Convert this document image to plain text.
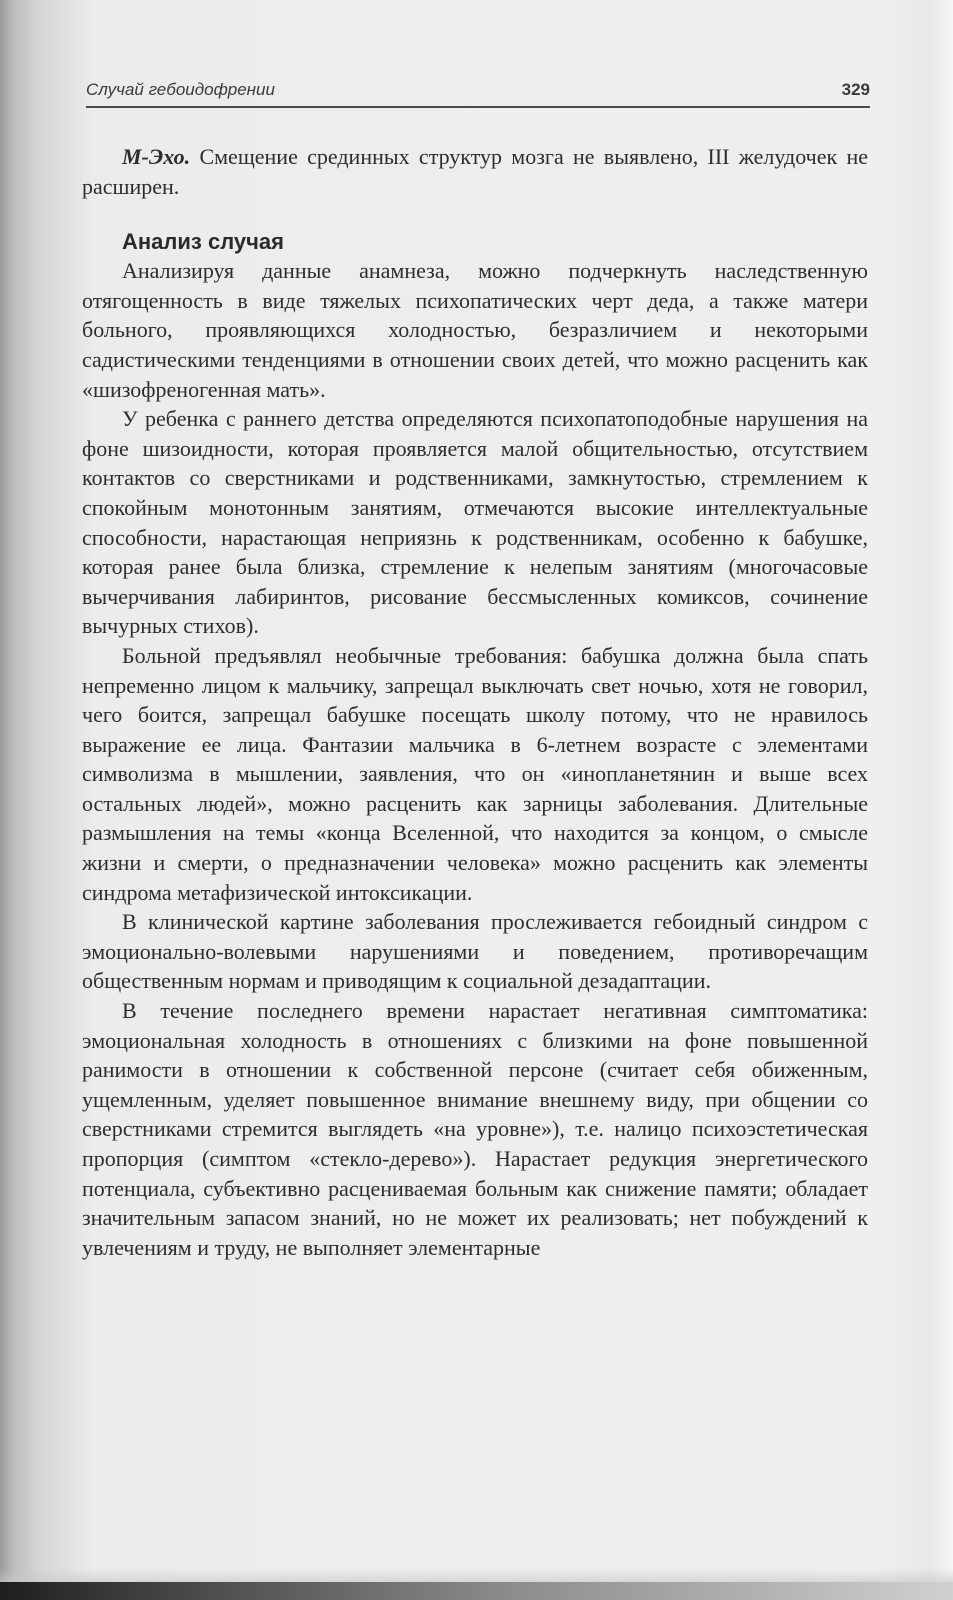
Случай гебоидофрении	329

М-Эхо. Смещение срединных структур мозга не выявлено, III желудочек не расширен.

Анализ случая

Анализируя данные анамнеза, можно подчеркнуть наследственную отягощенность в виде тяжелых психопатических черт деда, а также матери больного, проявляющихся холодностью, безразличием и некоторыми садистическими тенденциями в отношении своих детей, что можно расценить как «шизофреногенная мать».

У ребенка с раннего детства определяются психопатоподобные нарушения на фоне шизоидности, которая проявляется малой общительностью, отсутствием контактов со сверстниками и родственниками, замкнутостью, стремлением к спокойным монотонным занятиям, отмечаются высокие интеллектуальные способности, нарастающая неприязнь к родственникам, особенно к бабушке, которая ранее была близка, стремление к нелепым занятиям (многочасовые вычерчивания лабиринтов, рисование бессмысленных комиксов, сочинение вычурных стихов).

Больной предъявлял необычные требования: бабушка должна была спать непременно лицом к мальчику, запрещал выключать свет ночью, хотя не говорил, чего боится, запрещал бабушке посещать школу потому, что не нравилось выражение ее лица. Фантазии мальчика в 6-летнем возрасте с элементами символизма в мышлении, заявления, что он «инопланетянин и выше всех остальных людей», можно расценить как зарницы заболевания. Длительные размышления на темы «конца Вселенной, что находится за концом, о смысле жизни и смерти, о предназначении человека» можно расценить как элементы синдрома метафизической интоксикации.

В клинической картине заболевания прослеживается гебоидный синдром с эмоционально-волевыми нарушениями и поведением, противоречащим общественным нормам и приводящим к социальной дезадаптации.

В течение последнего времени нарастает негативная симптоматика: эмоциональная холодность в отношениях с близкими на фоне повышенной ранимости в отношении к собственной персоне (считает себя обиженным, ущемленным, уделяет повышенное внимание внешнему виду, при общении со сверстниками стремится выглядеть «на уровне»), т.е. налицо психоэстетическая пропорция (симптом «стекло-дерево»). Нарастает редукция энергетического потенциала, субъективно расцениваемая больным как снижение памяти; обладает значительным запасом знаний, но не может их реализовать; нет побуждений к увлечениям и труду, не выполняет элементарные
